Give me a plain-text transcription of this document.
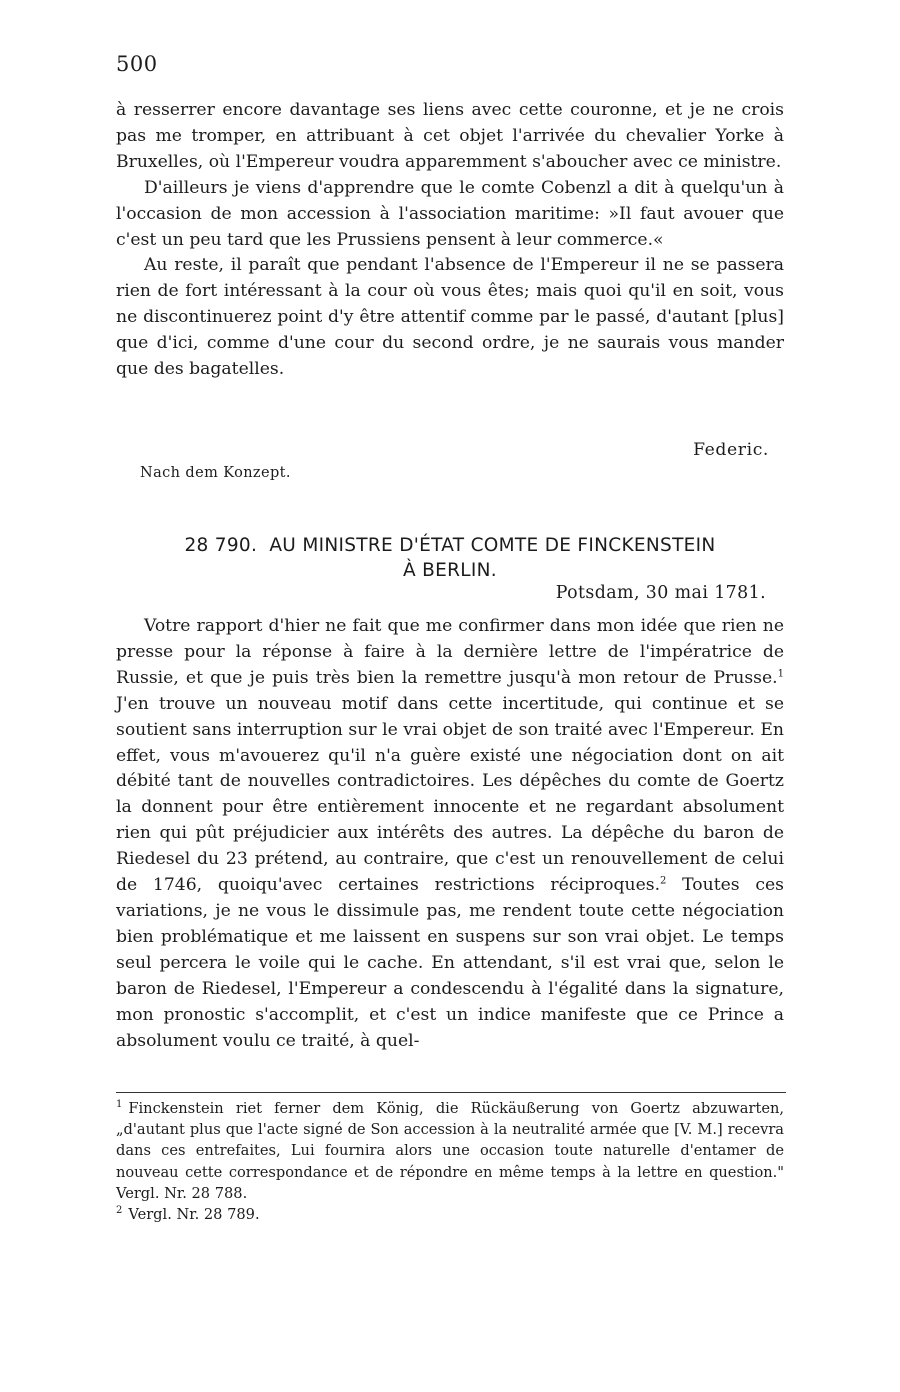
500

à resserrer encore davantage ses liens avec cette couronne, et je ne crois pas me tromper, en attribuant à cet objet l'arrivée du chevalier Yorke à Bruxelles, où l'Empereur voudra apparemment s'aboucher avec ce ministre.

D'ailleurs je viens d'apprendre que le comte Cobenzl a dit à quelqu'un à l'occasion de mon accession à l'association maritime: »Il faut avouer que c'est un peu tard que les Prussiens pensent à leur commerce.«

Au reste, il paraît que pendant l'absence de l'Empereur il ne se passera rien de fort intéressant à la cour où vous êtes; mais quoi qu'il en soit, vous ne discontinuerez point d'y être attentif comme par le passé, d'autant [plus] que d'ici, comme d'une cour du second ordre, je ne saurais vous mander que des bagatelles.

Federic.
Nach dem Konzept.
28 790. AU MINISTRE D'ÉTAT COMTE DE FINCKENSTEIN
À BERLIN.
Potsdam, 30 mai 1781.

Votre rapport d'hier ne fait que me confirmer dans mon idée que rien ne presse pour la réponse à faire à la dernière lettre de l'impératrice de Russie, et que je puis très bien la remettre jusqu'à mon retour de Prusse.$^1$ J'en trouve un nouveau motif dans cette incertitude, qui continue et se soutient sans interruption sur le vrai objet de son traité avec l'Empereur. En effet, vous m'avouerez qu'il n'a guère existé une négociation dont on ait débité tant de nouvelles contradictoires. Les dépêches du comte de Goertz la donnent pour être entièrement innocente et ne regardant absolument rien qui pût préjudicier aux intérêts des autres. La dépêche du baron de Riedesel du 23 prétend, au contraire, que c'est un renouvellement de celui de 1746, quoiqu'avec certaines restrictions réciproques.$^2$ Toutes ces variations, je ne vous le dissimule pas, me rendent toute cette négociation bien problématique et me laissent en suspens sur son vrai objet. Le temps seul percera le voile qui le cache. En attendant, s'il est vrai que, selon le baron de Riedesel, l'Empereur a condescendu à l'égalité dans la signature, mon pronostic s'accomplit, et c'est un indice manifeste que ce Prince a absolument voulu ce traité, à quel-

$^1$ Finckenstein riet ferner dem König, die Rückäußerung von Goertz abzuwarten, „d'autant plus que l'acte signé de Son accession à la neutralité armée que [V. M.] recevra dans ces entrefaites, Lui fournira alors une occasion toute naturelle d'entamer de nouveau cette correspondance et de répondre en même temps à la lettre en question." Vergl. Nr. 28 788.

$^2$ Vergl. Nr. 28 789.
